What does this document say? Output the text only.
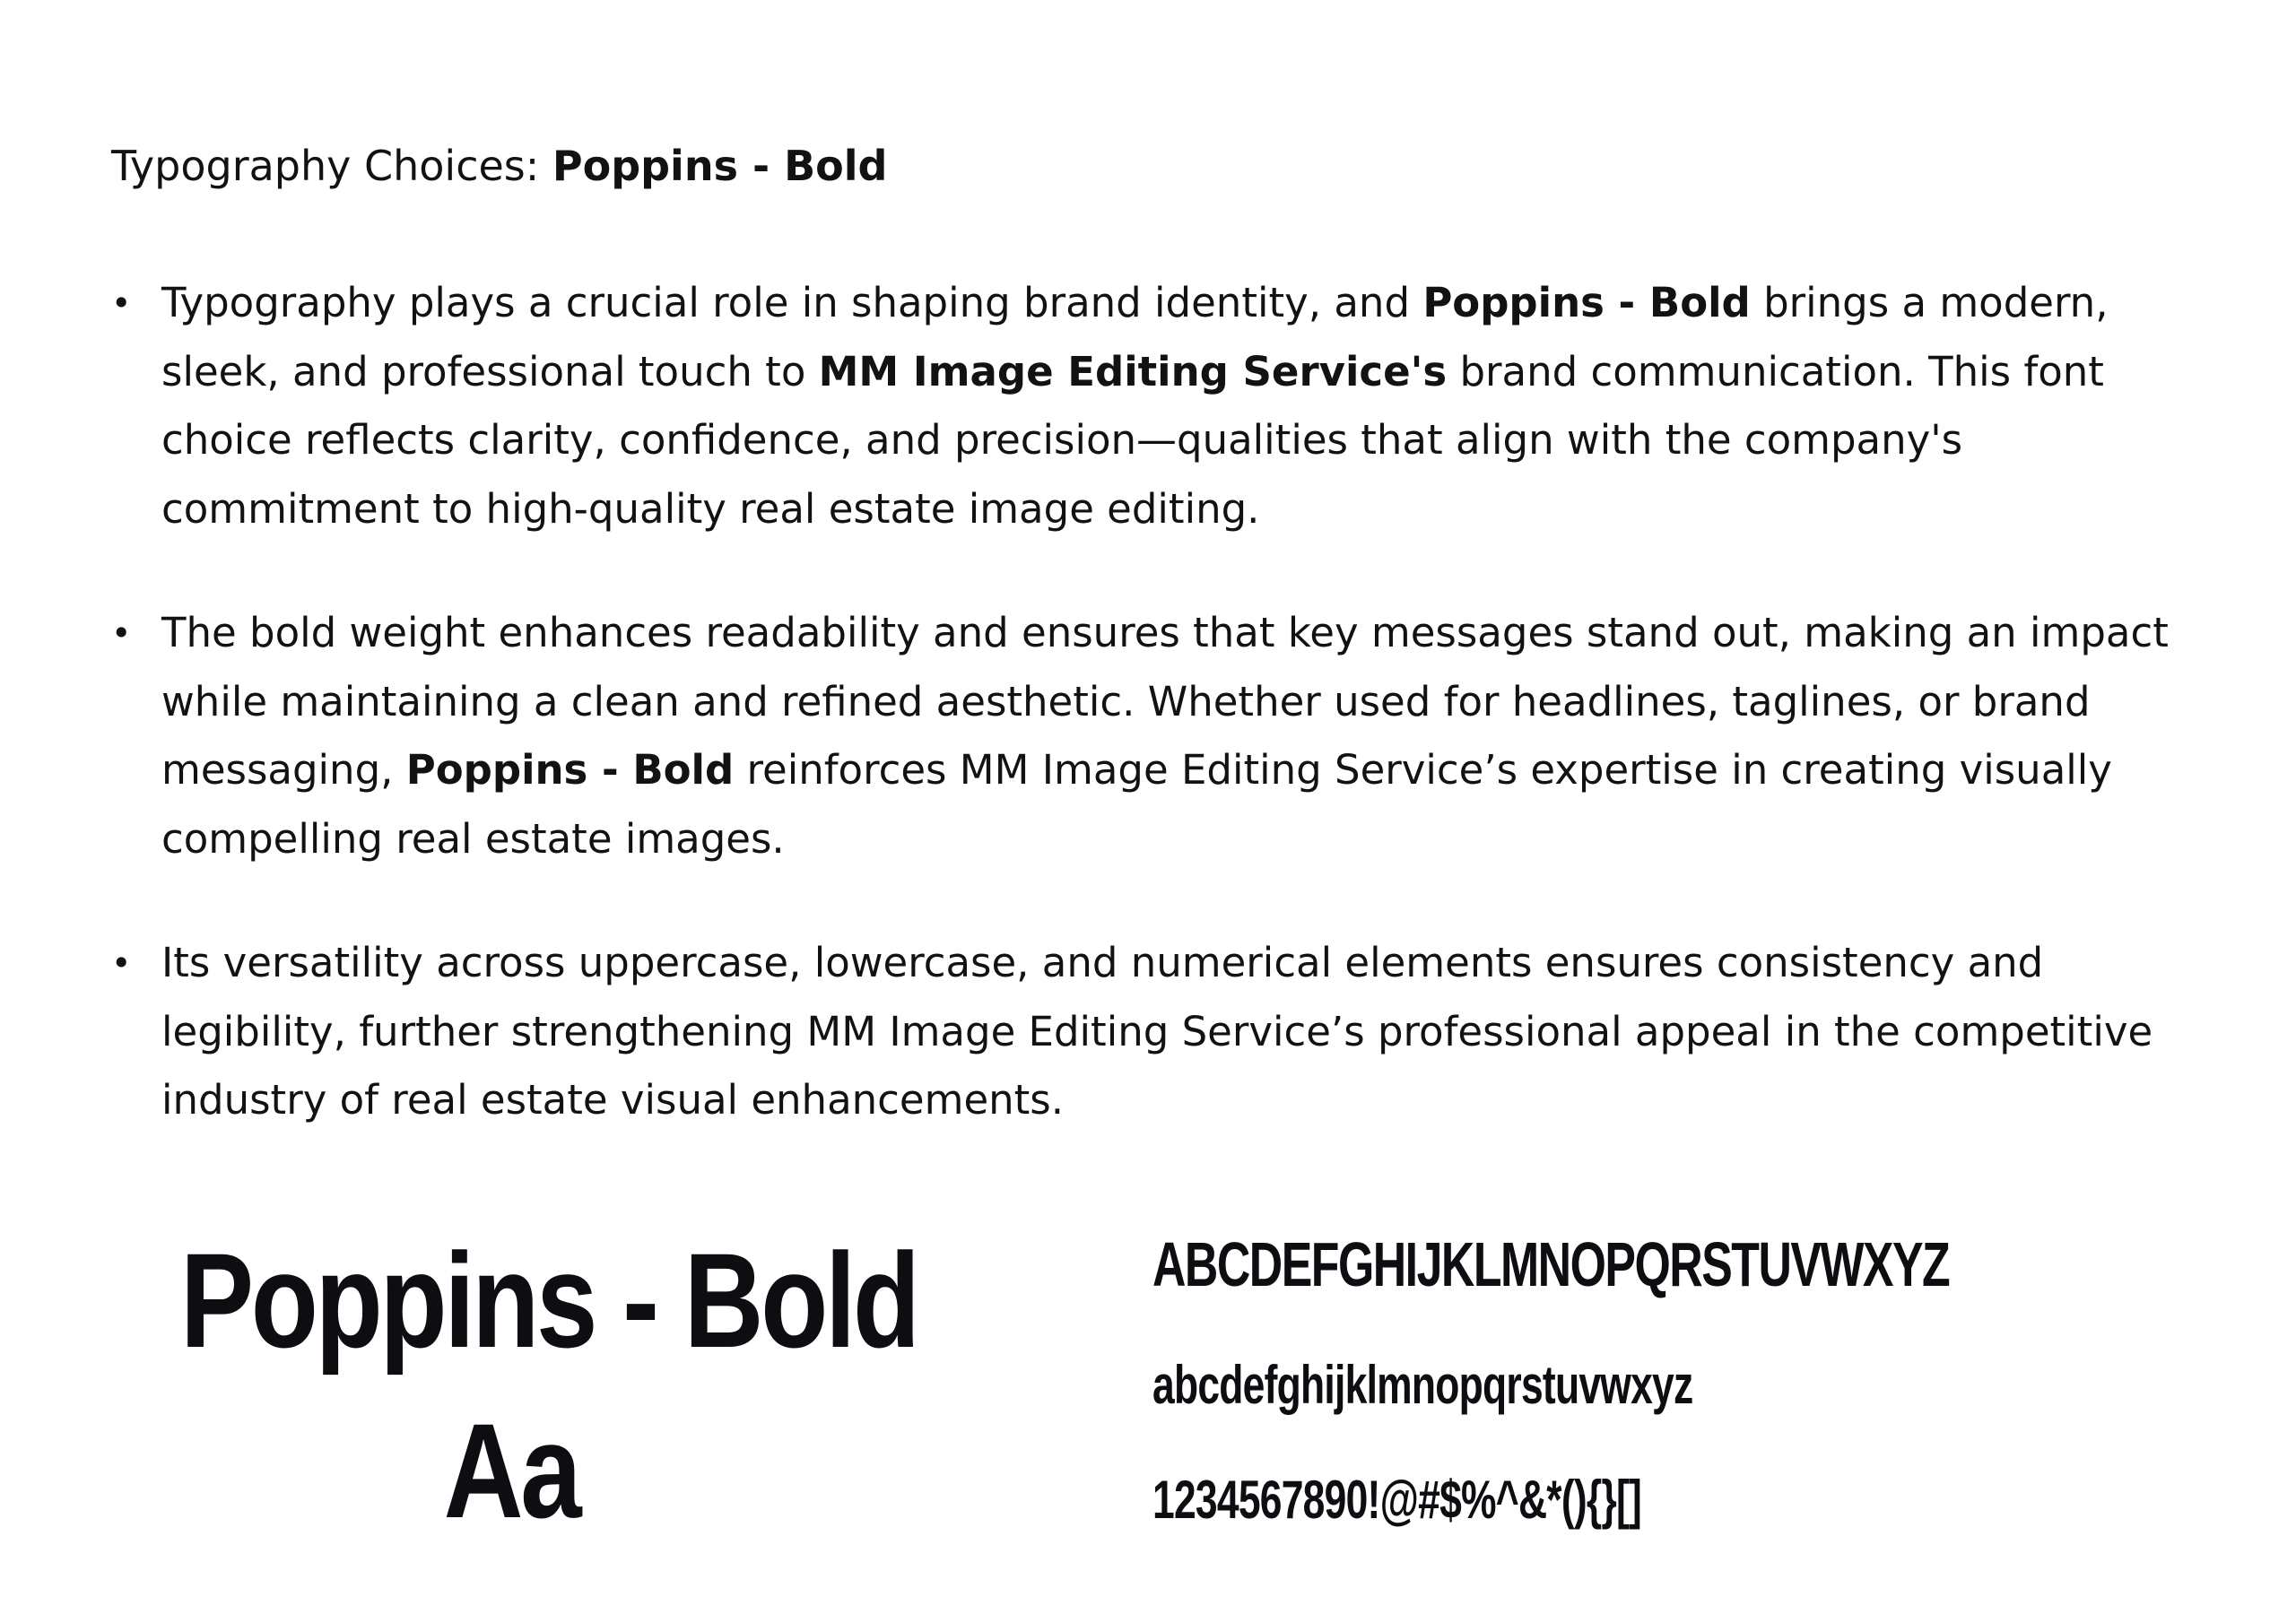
Typography Choices: Poppins - Bold

• Typography plays a crucial role in shaping brand identity, and Poppins - Bold brings a modern, sleek, and professional touch to MM Image Editing Service's brand communication. This font choice reflects clarity, confidence, and precision—qualities that align with the company's commitment to high-quality real estate image editing.
• The bold weight enhances readability and ensures that key messages stand out, making an impact while maintaining a clean and refined aesthetic. Whether used for headlines, taglines, or brand messaging, Poppins - Bold reinforces MM Image Editing Service’s expertise in creating visually compelling real estate images.
• Its versatility across uppercase, lowercase, and numerical elements ensures consistency and legibility, further strengthening MM Image Editing Service’s professional appeal in the competitive industry of real estate visual enhancements.
Poppins - Bold
Aa
ABCDEFGHIJKLMNOPQRSTUVWXYZ
abcdefghijklmnopqrstuvwxyz
1234567890!@#$%^&*(){}[]
